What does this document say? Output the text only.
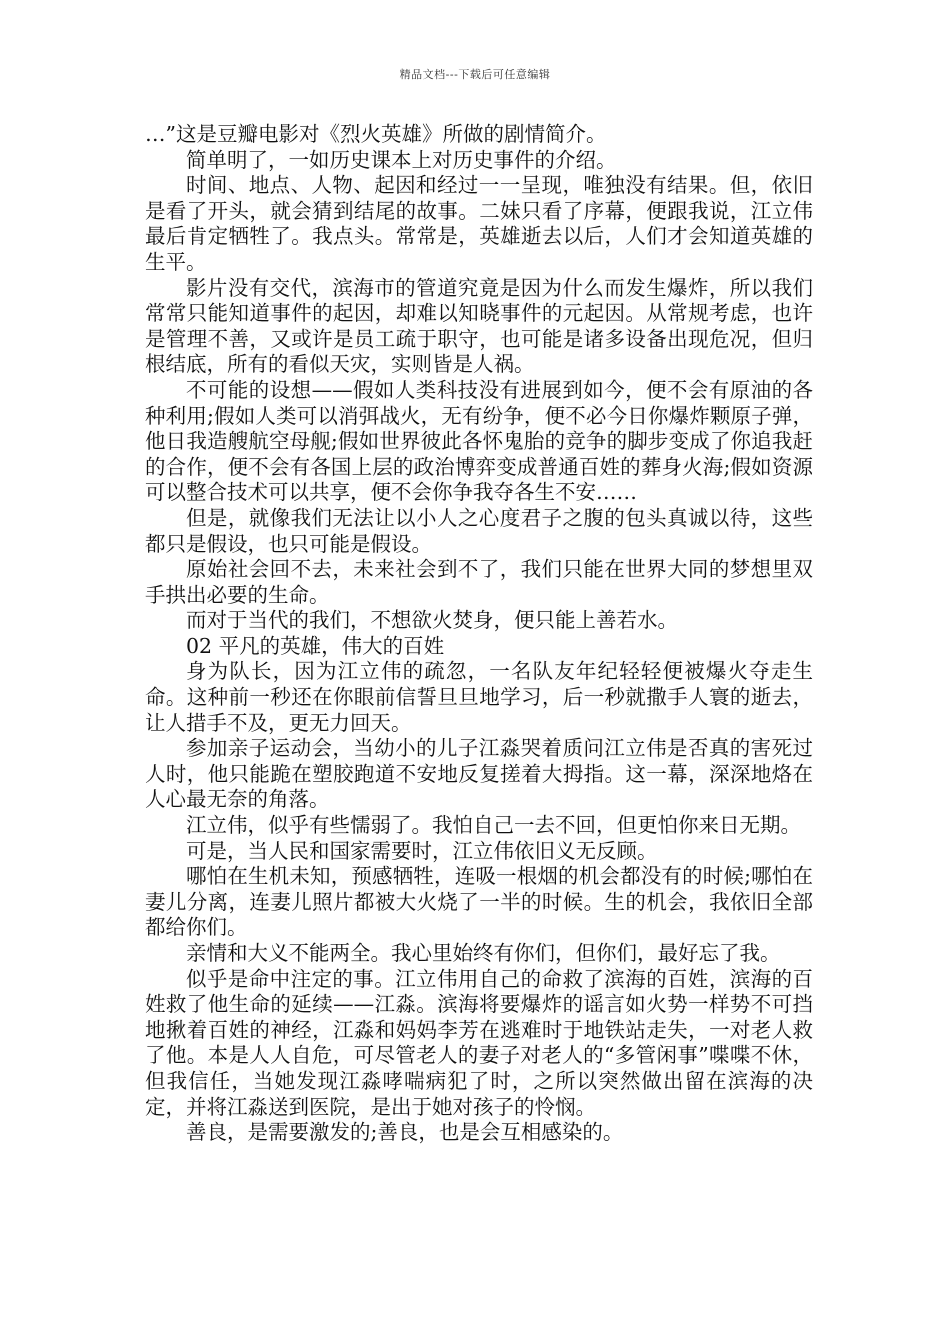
精品文档---下载后可任意编辑

…”这是豆瓣电影对《烈火英雄》所做的剧情简介。

简单明了，一如历史课本上对历史事件的介绍。

时间、地点、人物、起因和经过一一呈现，唯独没有结果。但，依旧是看了开头，就会猜到结尾的故事。二妹只看了序幕，便跟我说，江立伟最后肯定牺牲了。我点头。常常是，英雄逝去以后，人们才会知道英雄的生平。

影片没有交代，滨海市的管道究竟是因为什么而发生爆炸，所以我们常常只能知道事件的起因，却难以知晓事件的元起因。从常规考虑，也许是管理不善，又或许是员工疏于职守，也可能是诸多设备出现危况，但归根结底，所有的看似天灾，实则皆是人祸。

不可能的设想——假如人类科技没有进展到如今，便不会有原油的各种利用;假如人类可以消弭战火，无有纷争，便不必今日你爆炸颗原子弹，他日我造艘航空母舰;假如世界彼此各怀鬼胎的竞争的脚步变成了你追我赶的合作，便不会有各国上层的政治博弈变成普通百姓的葬身火海;假如资源可以整合技术可以共享，便不会你争我夺各生不安……

但是，就像我们无法让以小人之心度君子之腹的包头真诚以待，这些都只是假设，也只可能是假设。

原始社会回不去，未来社会到不了，我们只能在世界大同的梦想里双手拱出必要的生命。

而对于当代的我们，不想欲火焚身，便只能上善若水。

02 平凡的英雄，伟大的百姓

身为队长，因为江立伟的疏忽，一名队友年纪轻轻便被爆火夺走生命。这种前一秒还在你眼前信誓旦旦地学习，后一秒就撒手人寰的逝去，让人措手不及，更无力回天。

参加亲子运动会，当幼小的儿子江淼哭着质问江立伟是否真的害死过人时，他只能跪在塑胶跑道不安地反复搓着大拇指。这一幕，深深地烙在人心最无奈的角落。

江立伟，似乎有些懦弱了。我怕自己一去不回，但更怕你来日无期。

可是，当人民和国家需要时，江立伟依旧义无反顾。

哪怕在生机未知，预感牺牲，连吸一根烟的机会都没有的时候;哪怕在妻儿分离，连妻儿照片都被大火烧了一半的时候。生的机会，我依旧全部都给你们。

亲情和大义不能两全。我心里始终有你们，但你们，最好忘了我。

似乎是命中注定的事。江立伟用自己的命救了滨海的百姓，滨海的百姓救了他生命的延续——江淼。滨海将要爆炸的谣言如火势一样势不可挡地揪着百姓的神经，江淼和妈妈李芳在逃难时于地铁站走失，一对老人救了他。本是人人自危，可尽管老人的妻子对老人的“多管闲事”喋喋不休，但我信任，当她发现江淼哮喘病犯了时，之所以突然做出留在滨海的决定，并将江淼送到医院，是出于她对孩子的怜悯。

善良，是需要激发的;善良，也是会互相感染的。
